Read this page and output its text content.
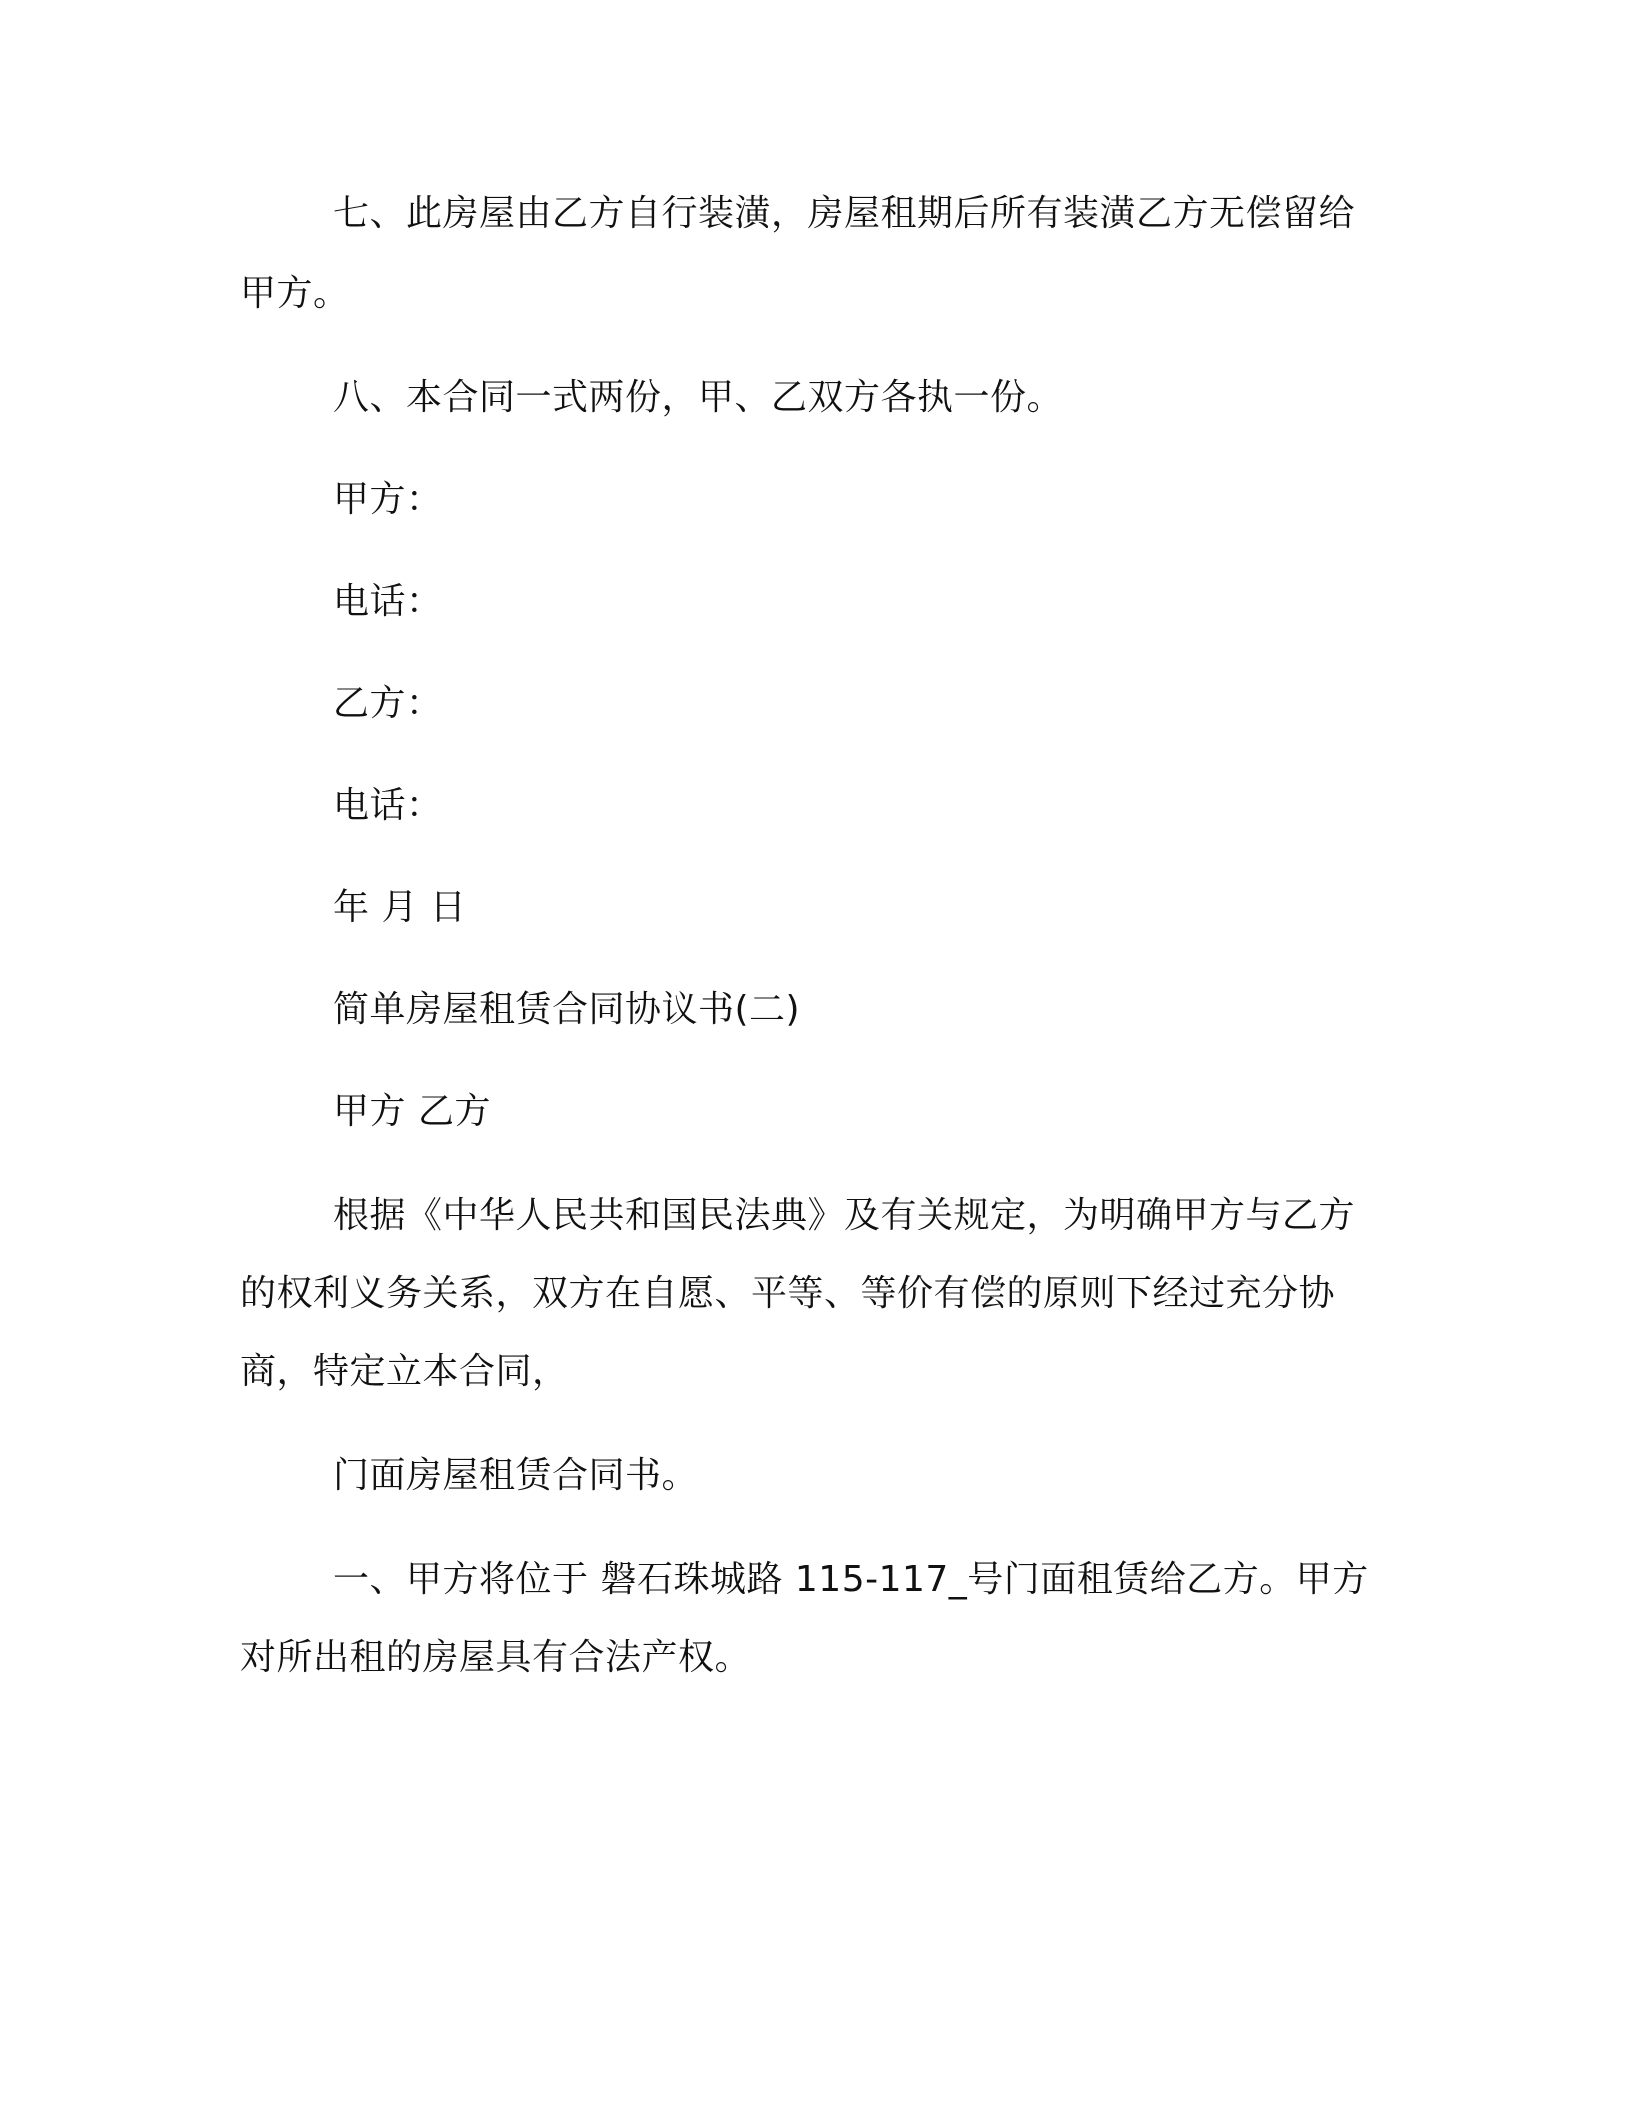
七、此房屋由乙方自行装潢，房屋租期后所有装潢乙方无偿留给
甲方。
八、本合同一式两份，甲、乙双方各执一份。
甲方：
电话：
乙方：
电话：
年 月 日
简单房屋租赁合同协议书(二)
甲方 乙方
根据《中华人民共和国民法典》及有关规定，为明确甲方与乙方
的权利义务关系，双方在自愿、平等、等价有偿的原则下经过充分协
商，特定立本合同，
门面房屋租赁合同书。
一、甲方将位于 磐石珠城路 115-117_号门面租赁给乙方。甲方
对所出租的房屋具有合法产权。
